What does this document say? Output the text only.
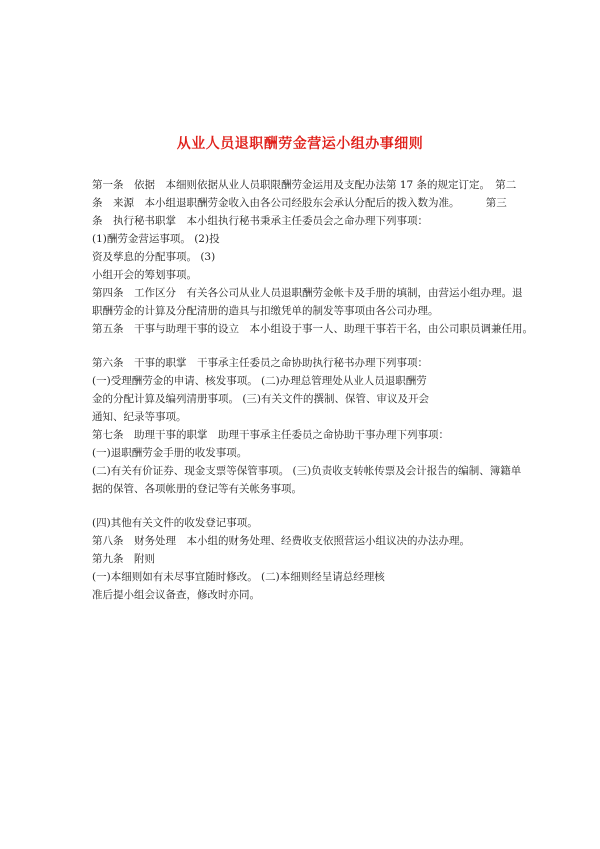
从业人员退职酬劳金营运小组办事细则
第一条　依据　本细则依据从业人员职限酬劳金运用及支配办法第 17 条的规定订定。　第二
条　来源　本小组退职酬劳金收入由各公司经股东会承认分配后的拨入数为准。　　　第三
条　执行秘书职掌　本小组执行秘书秉承主任委员会之命办理下列事项：
(1)酬劳金营运事项。 (2)投
资及孳息的分配事项。 (3)
小组开会的筹划事项。
第四条　工作区分　有关各公司从业人员退职酬劳金帐卡及手册的填制，由营运小组办理。退
职酬劳金的计算及分配清册的造具与扣缴凭单的制发等事项由各公司办理。
第五条　干事与助理干事的设立　本小组设于事一人、助理干事若干名，由公司职员调兼任用。
第六条　干事的职掌　干事承主任委员之命协助执行秘书办理下列事项：
(一)受理酬劳金的申请、核发事项。 (二)办理总管理处从业人员退职酬劳
金的分配计算及编列清册事项。 (三)有关文件的撰制、保管、审议及开会
通知、纪录等事项。
第七条　助理干事的职掌　助理干事承主任委员之命协助干事办理下列事项：
(一)退职酬劳金手册的收发事项。
(二)有关有价证券、现金支票等保管事项。 (三)负责收支转帐传票及会计报告的编制、簿籍单
据的保管、各项帐册的登记等有关帐务事项。
(四)其他有关文件的收发登记事项。
第八条　财务处理　本小组的财务处理、经费收支依照营运小组议决的办法办理。
第九条　附则
(一)本细则如有未尽事宜随时修改。 (二)本细则经呈请总经理核
准后提小组会议备查，修改时亦同。
